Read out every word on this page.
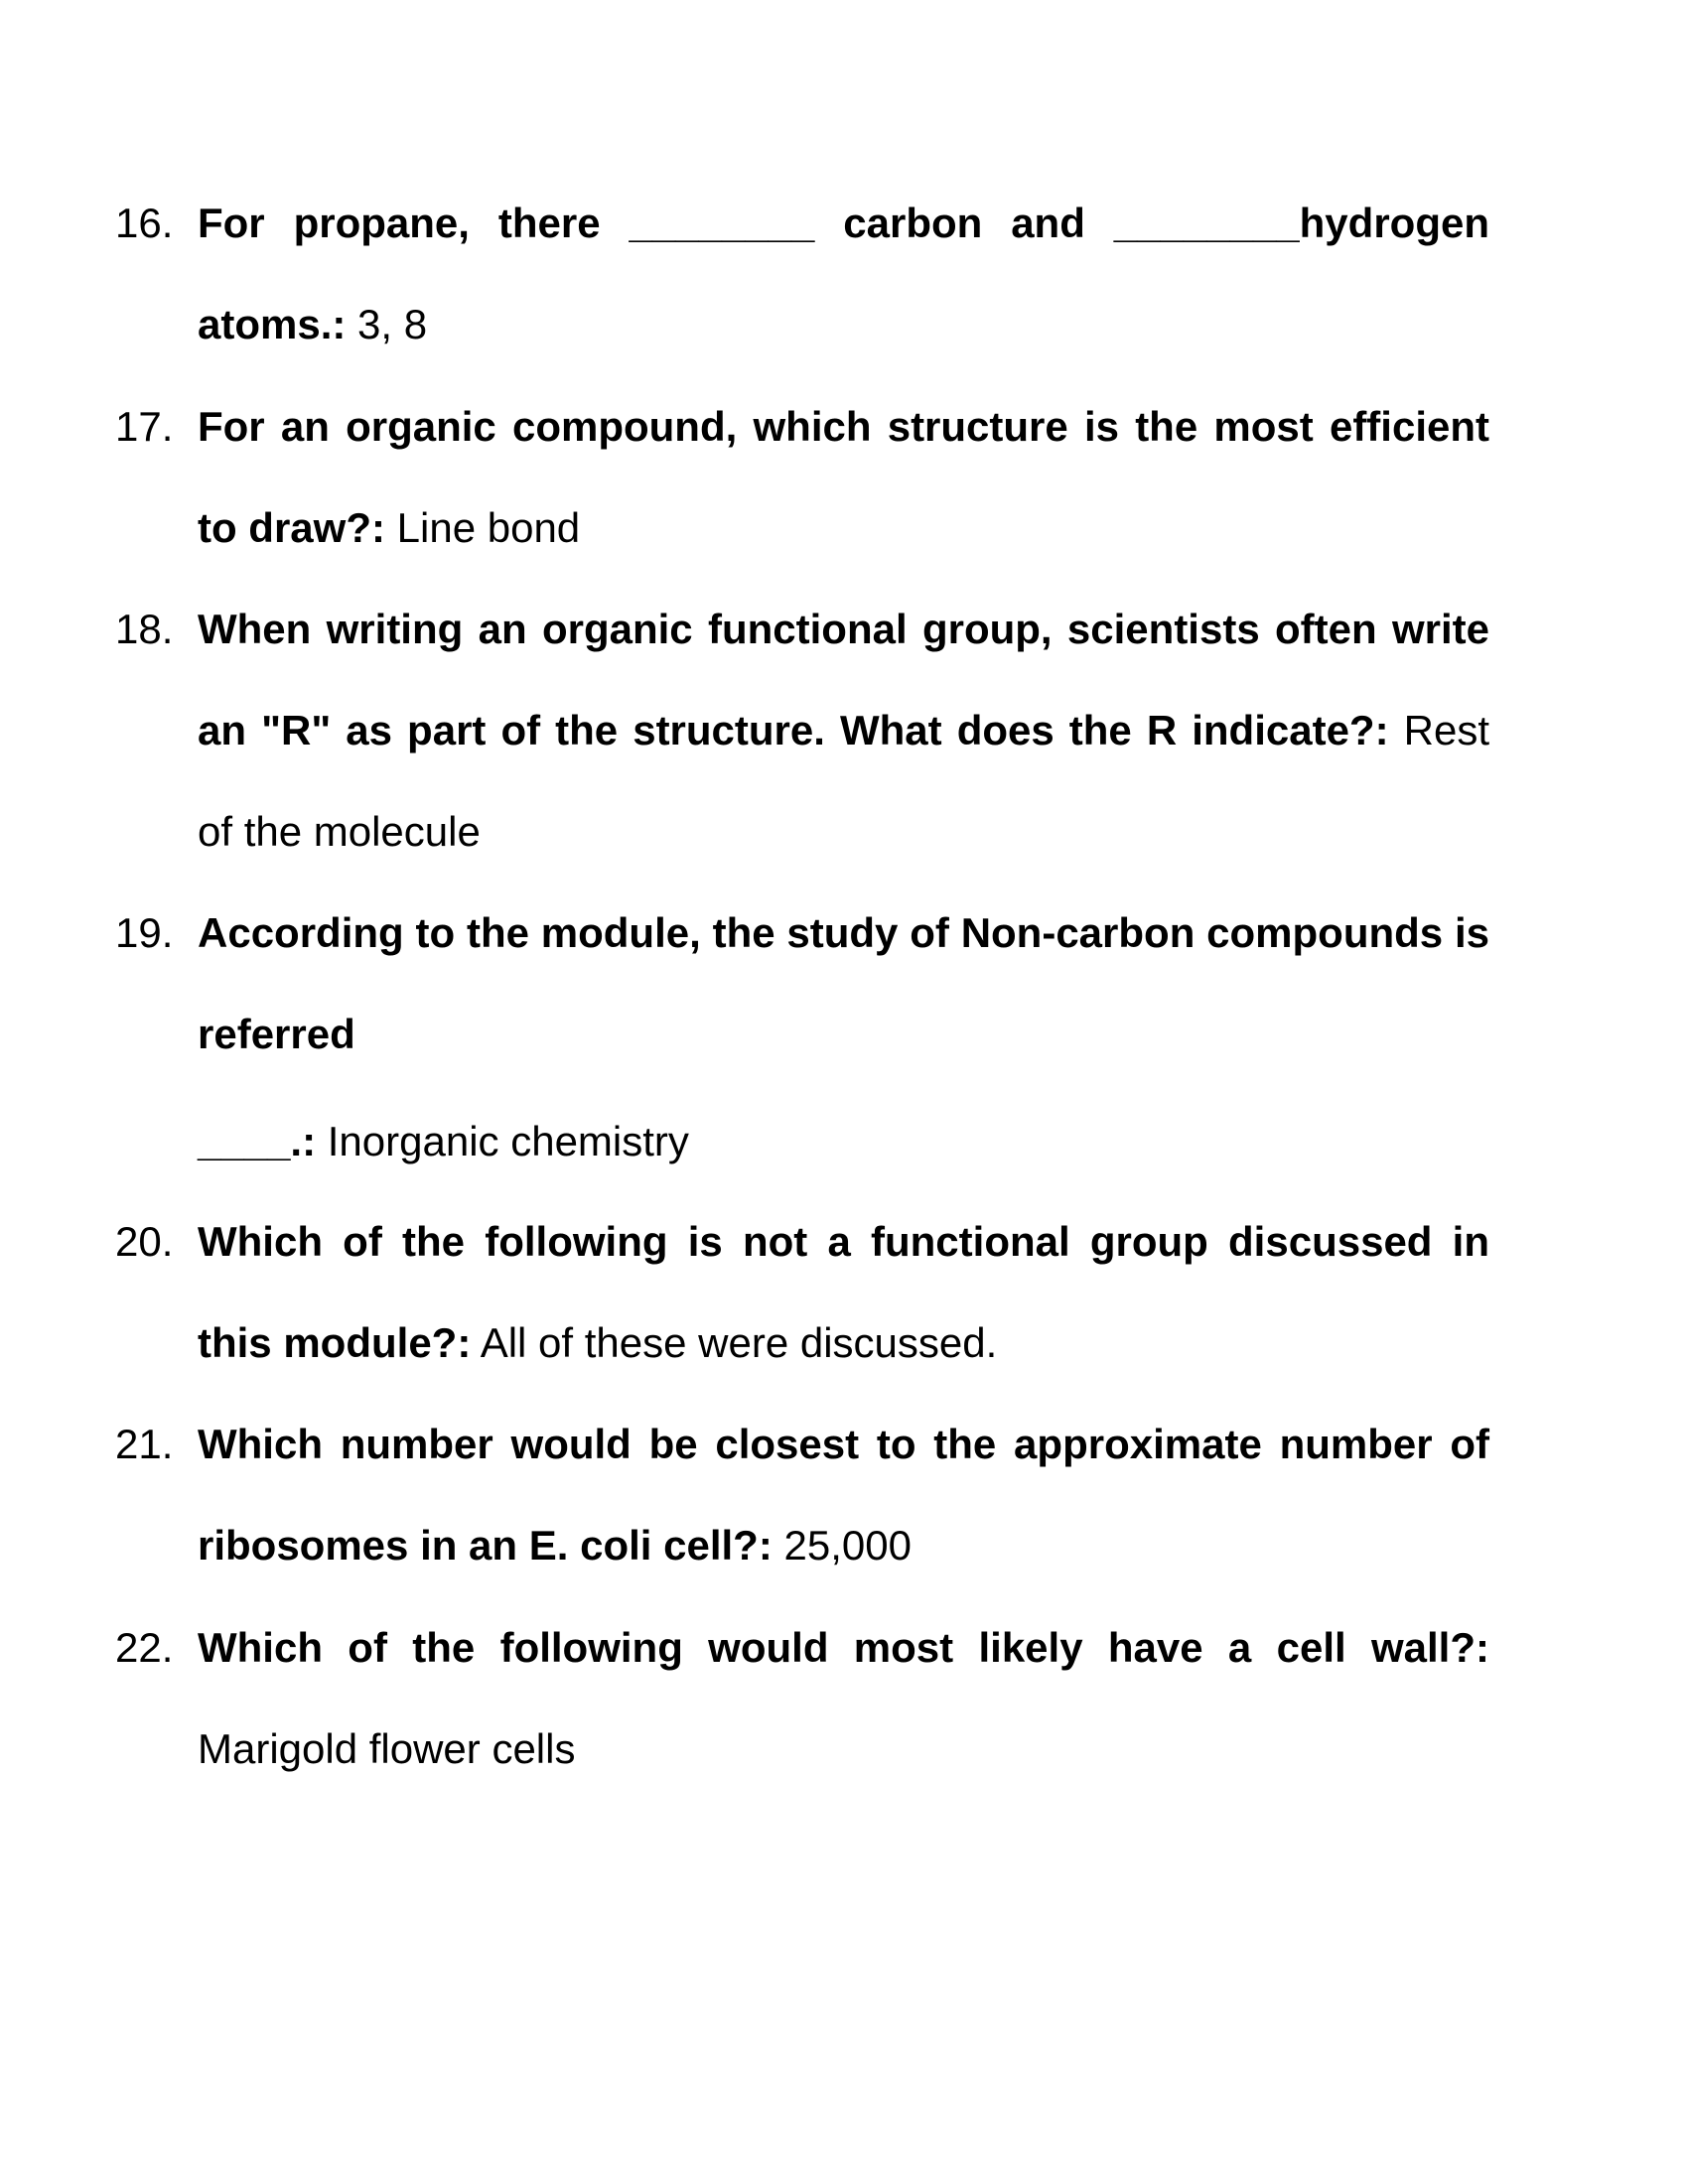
16. For propane, there ________ carbon and ________hydrogen atoms.: 3, 8
17. For an organic compound, which structure is the most efficient to draw?: Line bond
18. When writing an organic functional group, scientists often write an "R" as part of the structure. What does the R indicate?: Rest of the molecule
19. According to the module, the study of Non-carbon compounds is referred
____.: Inorganic chemistry
20. Which of the following is not a functional group discussed in this module?: All of these were discussed.
21. Which number would be closest to the approximate number of ribosomes in an E. coli cell?: 25,000
22. Which of the following would most likely have a cell wall?: Marigold flower cells
